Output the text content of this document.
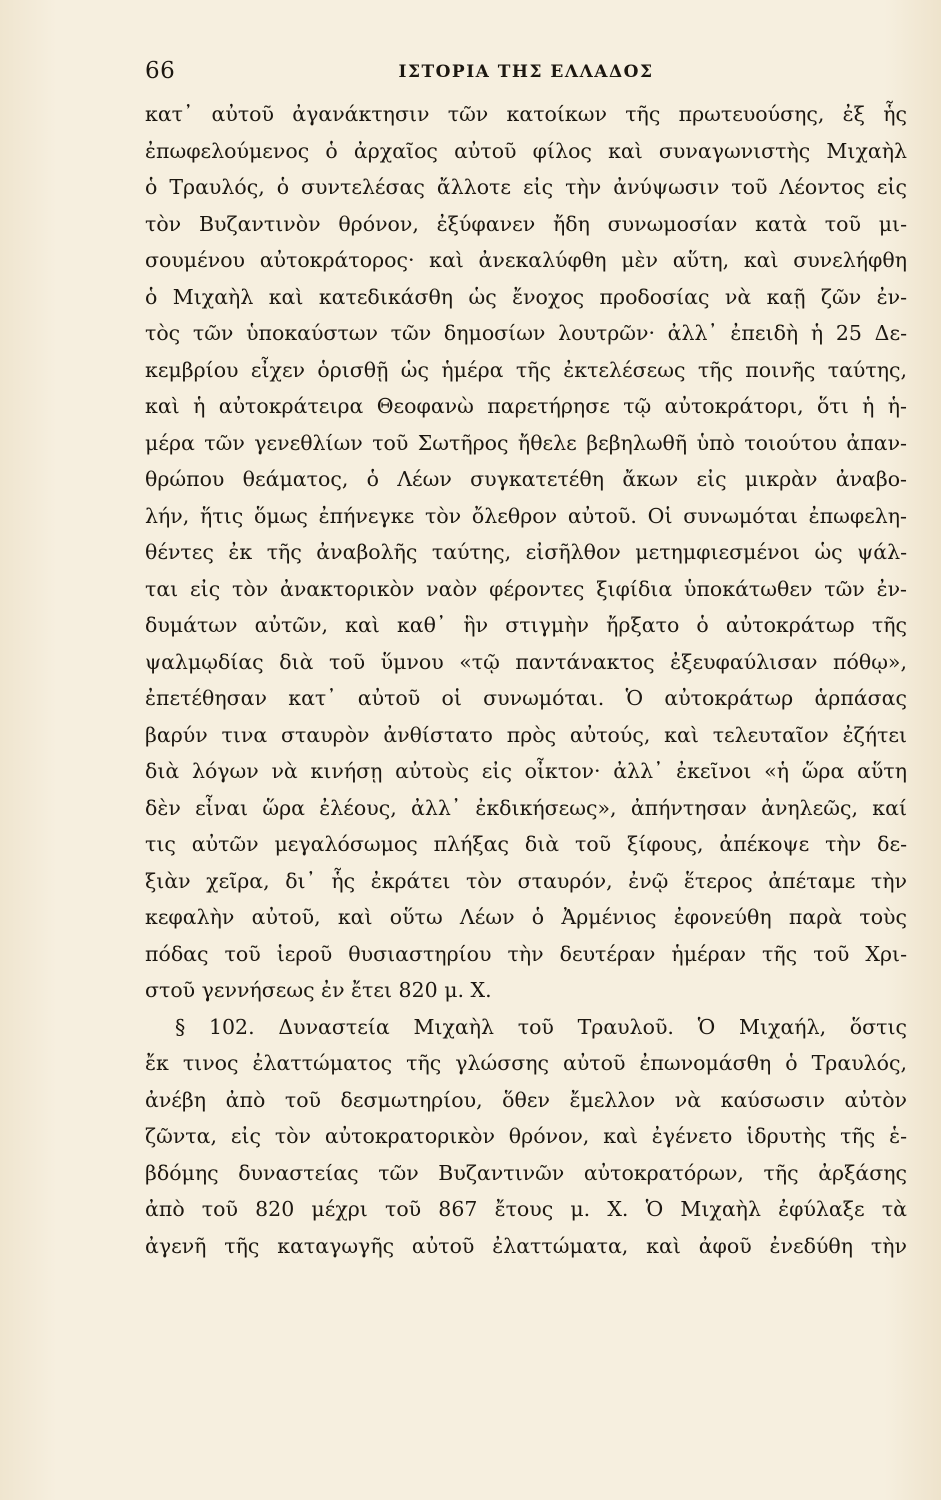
66	ΙΣΤΟΡΙΑ ΤΗΣ ΕΛΛΑΔΟΣ
κατ᾽ αὐτοῦ ἀγανάκτησιν τῶν κατοίκων τῆς πρωτευούσης, ἐξ ἧς
ἐπωφελούμενος ὁ ἀρχαῖος αὐτοῦ φίλος καὶ συναγωνιστὴς Μιχαὴλ
ὁ Τραυλός, ὁ συντελέσας ἄλλοτε εἰς τὴν ἀνύψωσιν τοῦ Λέοντος εἰς
τὸν Βυζαντινὸν θρόνον, ἐξύφανεν ἤδη συνωμοσίαν κατὰ τοῦ μι-
σουμένου αὐτοκράτορος· καὶ ἀνεκαλύφθη μὲν αὕτη, καὶ συνελήφθη
ὁ Μιχαὴλ καὶ κατεδικάσθη ὡς ἔνοχος προδοσίας νὰ καῇ ζῶν ἐν-
τὸς τῶν ὑποκαύστων τῶν δημοσίων λουτρῶν· ἀλλ᾽ ἐπειδὴ ἡ 25 Δε-
κεμβρίου εἶχεν ὁρισθῇ ὡς ἡμέρα τῆς ἐκτελέσεως τῆς ποινῆς ταύτης,
καὶ ἡ αὐτοκράτειρα Θεοφανὼ παρετήρησε τῷ αὐτοκράτορι, ὅτι ἡ ἡ-
μέρα τῶν γενεθλίων τοῦ Σωτῆρος ἤθελε βεβηλωθῆ ὑπὸ τοιούτου ἀπαν-
θρώπου θεάματος, ὁ Λέων συγκατετέθη ἄκων εἰς μικρὰν ἀναβο-
λήν, ἥτις ὅμως ἐπήνεγκε τὸν ὄλεθρον αὐτοῦ. Οἱ συνωμόται ἐπωφελη-
θέντες ἐκ τῆς ἀναβολῆς ταύτης, εἰσῆλθον μετημφιεσμένοι ὡς ψάλ-
ται εἰς τὸν ἀνακτορικὸν ναὸν φέροντες ξιφίδια ὑποκάτωθεν τῶν ἐν-
δυμάτων αὐτῶν, καὶ καθ᾽ ἣν στιγμὴν ἤρξατο ὁ αὐτοκράτωρ τῆς
ψαλμῳδίας διὰ τοῦ ὕμνου «τῷ παντάνακτος ἐξευφαύλισαν πόθῳ»,
ἐπετέθησαν κατ᾽ αὐτοῦ οἱ συνωμόται. Ὁ αὐτοκράτωρ ἁρπάσας
βαρύν τινα σταυρὸν ἀνθίστατο πρὸς αὐτούς, καὶ τελευταῖον ἐζήτει
διὰ λόγων νὰ κινήσῃ αὐτοὺς εἰς οἶκτον· ἀλλ᾽ ἐκεῖνοι «ἡ ὥρα αὕτη
δὲν εἶναι ὥρα ἐλέους, ἀλλ᾽ ἐκδικήσεως», ἀπήντησαν ἀνηλεῶς, καί
τις αὐτῶν μεγαλόσωμος πλήξας διὰ τοῦ ξίφους, ἀπέκοψε τὴν δε-
ξιὰν χεῖρα, δι᾽ ἧς ἐκράτει τὸν σταυρόν, ἐνῷ ἕτερος ἀπέταμε τὴν
κεφαλὴν αὐτοῦ, καὶ οὕτω Λέων ὁ Ἀρμένιος ἐφονεύθη παρὰ τοὺς
πόδας τοῦ ἱεροῦ θυσιαστηρίου τὴν δευτέραν ἡμέραν τῆς τοῦ Χρι-
στοῦ γεννήσεως ἐν ἔτει 820 μ. Χ.
§ 102. Δυναστεία Μιχαὴλ τοῦ Τραυλοῦ. Ὁ Μιχαήλ, ὅστις
ἔκ τινος ἐλαττώματος τῆς γλώσσης αὐτοῦ ἐπωνομάσθη ὁ Τραυλός,
ἀνέβη ἀπὸ τοῦ δεσμωτηρίου, ὅθεν ἔμελλον νὰ καύσωσιν αὐτὸν
ζῶντα, εἰς τὸν αὐτοκρατορικὸν θρόνον, καὶ ἐγένετο ἱδρυτὴς τῆς ἑ-
βδόμης δυναστείας τῶν Βυζαντινῶν αὐτοκρατόρων, τῆς ἀρξάσης
ἀπὸ τοῦ 820 μέχρι τοῦ 867 ἔτους μ. Χ. Ὁ Μιχαὴλ ἐφύλαξε τὰ
ἀγενῆ τῆς καταγωγῆς αὐτοῦ ἐλαττώματα, καὶ ἀφοῦ ἐνεδύθη τὴν
